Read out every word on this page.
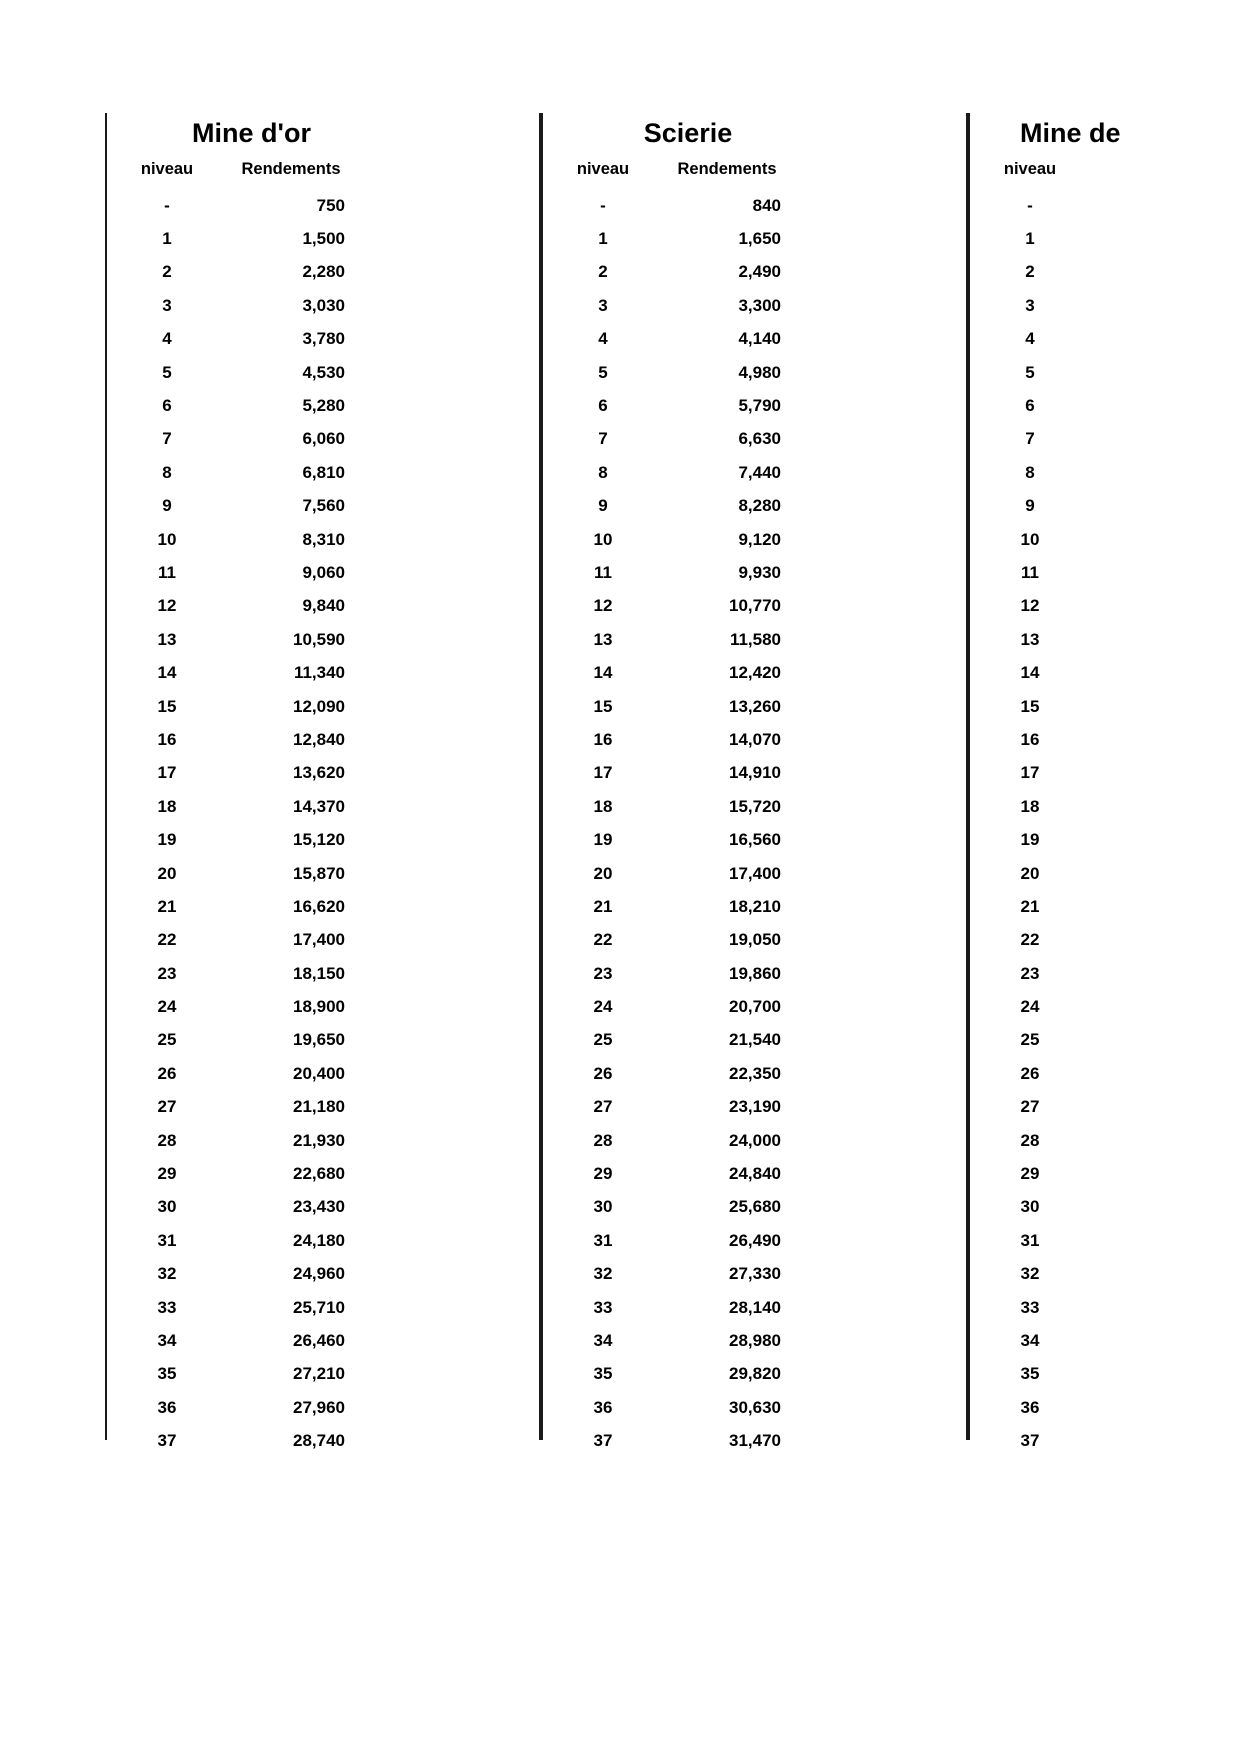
Mine d'or
niveau	Rendements
-	750
1	1,500
2	2,280
3	3,030
4	3,780
5	4,530
6	5,280
7	6,060
8	6,810
9	7,560
10	8,310
11	9,060
12	9,840
13	10,590
14	11,340
15	12,090
16	12,840
17	13,620
18	14,370
19	15,120
20	15,870
21	16,620
22	17,400
23	18,150
24	18,900
25	19,650
26	20,400
27	21,180
28	21,930
29	22,680
30	23,430
31	24,180
32	24,960
33	25,710
34	26,460
35	27,210
36	27,960
37	28,740
Scierie
niveau	Rendements
-	840
1	1,650
2	2,490
3	3,300
4	4,140
5	4,980
6	5,790
7	6,630
8	7,440
9	8,280
10	9,120
11	9,930
12	10,770
13	11,580
14	12,420
15	13,260
16	14,070
17	14,910
18	15,720
19	16,560
20	17,400
21	18,210
22	19,050
23	19,860
24	20,700
25	21,540
26	22,350
27	23,190
28	24,000
29	24,840
30	25,680
31	26,490
32	27,330
33	28,140
34	28,980
35	29,820
36	30,630
37	31,470
Mine de
niveau
-
1
2
3
4
5
6
7
8
9
10
11
12
13
14
15
16
17
18
19
20
21
22
23
24
25
26
27
28
29
30
31
32
33
34
35
36
37
